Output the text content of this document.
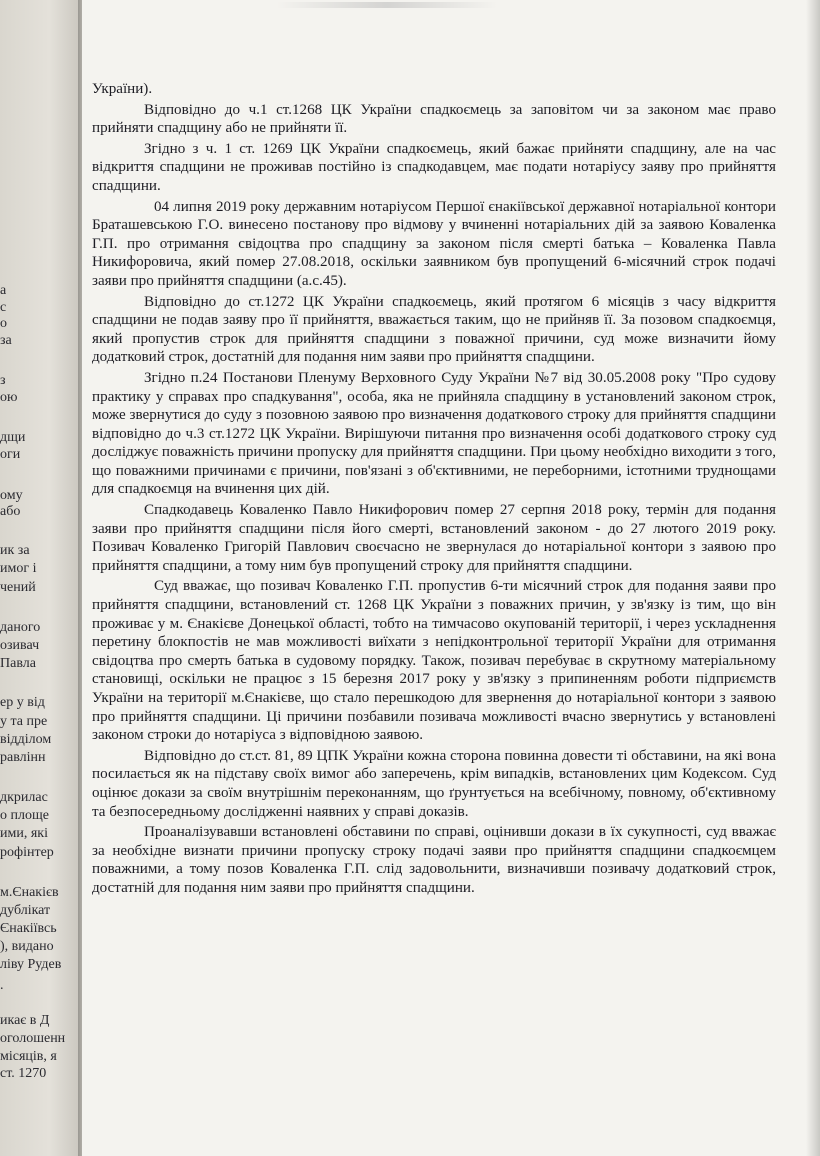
а
с
о
за
з
ою
дщи
оги
ому
або
ик за
имог і
чений
даного
озивач
Павла
ер у від
у та пре
відділом
равлінн
дкрилас
о площе
ими, які
рофінтер
м.Єнакієв
дублікат
Єнакіївсь
), видано
ліву Рудев
.
икає в Д
оголошенн
місяців, я
ст. 1270

України).

Відповідно до ч.1 ст.1268 ЦК України спадкоємець за заповітом чи за законом має право прийняти спадщину або не прийняти її.

Згідно з ч. 1 ст. 1269 ЦК України спадкоємець, який бажає прийняти спадщину, але на час відкриття спадщини не проживав постійно із спадкодавцем, має подати нотаріусу заяву про прийняття спадщини.

04 липня 2019 року державним нотаріусом Першої єнакіївської державної нотаріальної контори Браташевською Г.О. винесено постанову про відмову у вчиненні нотаріальних дій за заявою Коваленка Г.П. про отримання свідоцтва про спадщину за законом після смерті батька – Коваленка Павла Никифоровича, який помер 27.08.2018, оскільки заявником був пропущений 6-місячний строк подачі заяви про прийняття спадщини (а.с.45).

Відповідно до ст.1272 ЦК України спадкоємець, який протягом 6 місяців з часу відкриття спадщини не подав заяву про її прийняття, вважається таким, що не прийняв її. За позовом спадкоємця, який пропустив строк для прийняття спадщини з поважної причини, суд може визначити йому додатковий строк, достатній для подання ним заяви про прийняття спадщини.

Згідно п.24 Постанови Пленуму Верховного Суду України №7 від 30.05.2008 року "Про судову практику у справах про спадкування", особа, яка не прийняла спадщину в установлений законом строк, може звернутися до суду з позовною заявою про визначення додаткового строку для прийняття спадщини відповідно до ч.3 ст.1272 ЦК України. Вирішуючи питання про визначення особі додаткового строку суд досліджує поважність причини пропуску для прийняття спадщини. При цьому необхідно виходити з того, що поважними причинами є причини, пов'язані з об'єктивними, не переборними, істотними труднощами для спадкоємця на вчинення цих дій.

Спадкодавець Коваленко Павло Никифорович помер 27 серпня 2018 року, термін для подання заяви про прийняття спадщини після його смерті, встановлений законом - до 27 лютого 2019 року. Позивач Коваленко Григорій Павлович своєчасно не звернулася до нотаріальної контори з заявою про прийняття спадщини, а тому ним був пропущений строку для прийняття спадщини.

Суд вважає, що позивач Коваленко Г.П. пропустив 6-ти місячний строк для подання заяви про прийняття спадщини, встановлений ст. 1268 ЦК України з поважних причин, у зв'язку із тим, що він проживає у м. Єнакієве Донецької області, тобто на тимчасово окупованій території, і через ускладнення перетину блокпостів не мав можливості виїхати з непідконтрольної території України для отримання свідоцтва про смерть батька в судовому порядку. Також, позивач перебуває в скрутному матеріальному становищі, оскільки не працює з 15 березня 2017 року у зв'язку з припиненням роботи підприємств України на території м.Єнакієве, що стало перешкодою для звернення до нотаріальної контори з заявою про прийняття спадщини. Ці причини позбавили позивача можливості вчасно звернутись у встановлені законом строки до нотаріуса з відповідною заявою.

Відповідно до ст.ст. 81, 89 ЦПК України кожна сторона повинна довести ті обставини, на які вона посилається як на підставу своїх вимог або заперечень, крім випадків, встановлених цим Кодексом. Суд оцінює докази за своїм внутрішнім переконанням, що ґрунтується на всебічному, повному, об'єктивному та безпосередньому дослідженні наявних у справі доказів.

Проаналізувавши встановлені обставини по справі, оцінивши докази в їх сукупності, суд вважає за необхідне визнати причини пропуску строку подачі заяви про прийняття спадщини спадкоємцем поважними, а тому позов Коваленка Г.П. слід задовольнити, визначивши позивачу додатковий строк, достатній для подання ним заяви про прийняття спадщини.
